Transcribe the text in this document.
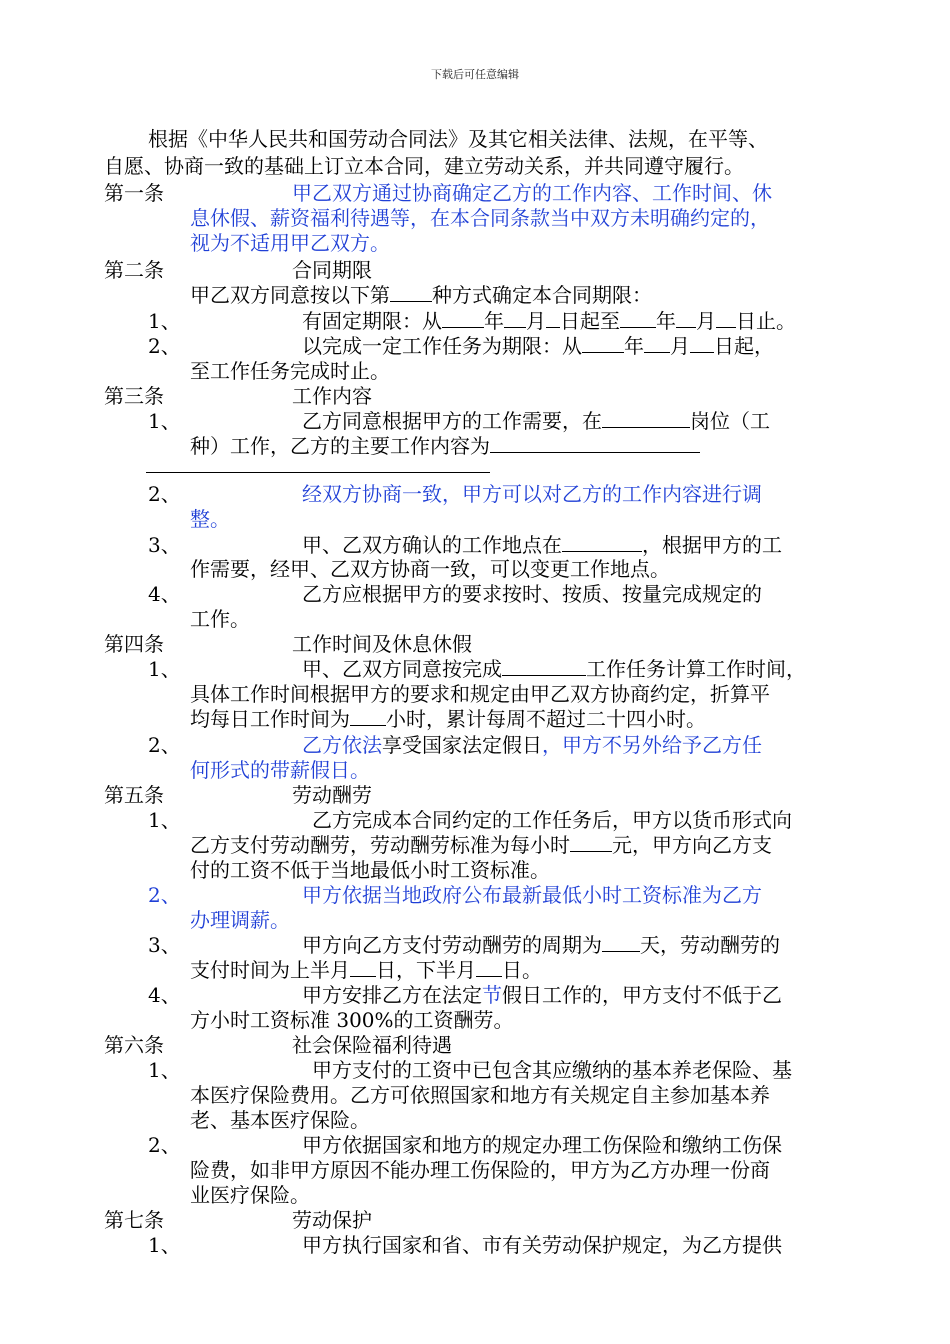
下载后可任意编辑
根据《中华人民共和国劳动合同法》及其它相关法律、法规，在平等、
自愿、协商一致的基础上订立本合同，建立劳动关系，并共同遵守履行。
第一条	甲乙双方通过协商确定乙方的工作内容、工作时间、休
息休假、薪资福利待遇等，在本合同条款当中双方未明确约定的，
视为不适用甲乙双方。
第二条	合同期限
甲乙双方同意按以下第 种方式确定本合同期限：
1、	有固定期限：从 年 月 日起至 年 月 日止。
2、	以完成一定工作任务为期限：从 年 月 日起，
至工作任务完成时止。
第三条	工作内容
1、	乙方同意根据甲方的工作需要，在	岗位（工
种）工作，乙方的主要工作内容为
2、	经双方协商一致，甲方可以对乙方的工作内容进行调
整。
3、	甲、乙双方确认的工作地点在	，根据甲方的工
作需要，经甲、乙双方协商一致，可以变更工作地点。
4、	乙方应根据甲方的要求按时、按质、按量完成规定的
工作。
第四条	工作时间及休息休假
1、	甲、乙双方同意按完成	工作任务计算工作时间，
具体工作时间根据甲方的要求和规定由甲乙双方协商约定，折算平
均每日工作时间为 小时，累计每周不超过二十四小时。
2、	乙方依法享受国家法定假日，甲方不另外给予乙方任
何形式的带薪假日。
第五条	劳动酬劳
1、	乙方完成本合同约定的工作任务后，甲方以货币形式向
乙方支付劳动酬劳，劳动酬劳标准为每小时 元，甲方向乙方支
付的工资不低于当地最低小时工资标准。
2、	甲方依据当地政府公布最新最低小时工资标准为乙方
办理调薪。
3、	甲方向乙方支付劳动酬劳的周期为 天，劳动酬劳的
支付时间为上半月 日，下半月 日。
4、	甲方安排乙方在法定节假日工作的，甲方支付不低于乙
方小时工资标准 300%的工资酬劳。
第六条	社会保险福利待遇
1、	甲方支付的工资中已包含其应缴纳的基本养老保险、基
本医疗保险费用。乙方可依照国家和地方有关规定自主参加基本养
老、基本医疗保险。
2、	甲方依据国家和地方的规定办理工伤保险和缴纳工伤保
险费，如非甲方原因不能办理工伤保险的，甲方为乙方办理一份商
业医疗保险。
第七条	劳动保护
1、	甲方执行国家和省、市有关劳动保护规定，为乙方提供
